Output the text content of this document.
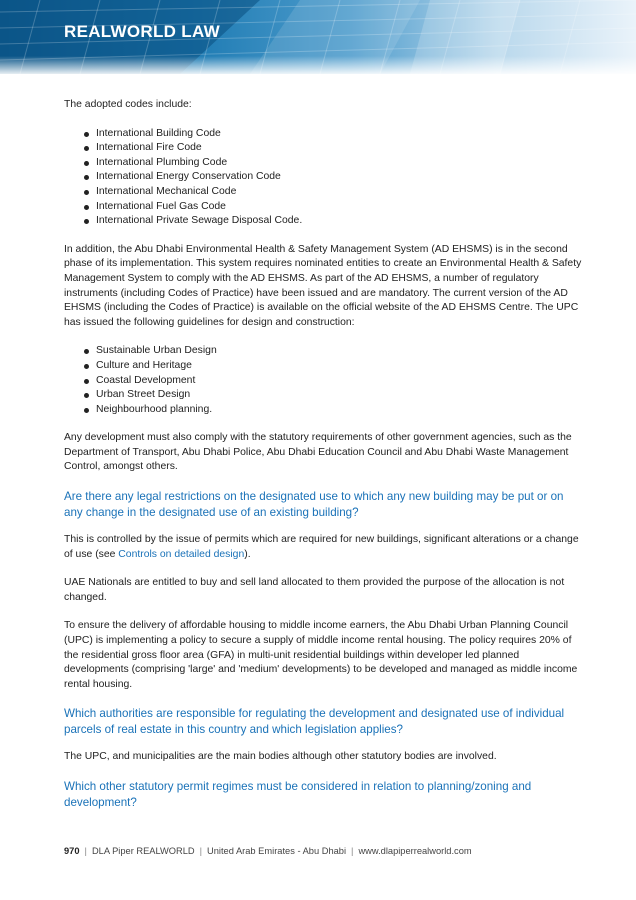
REALWORLD LAW

The adopted codes include:

International Building Code
International Fire Code
International Plumbing Code
International Energy Conservation Code
International Mechanical Code
International Fuel Gas Code
International Private Sewage Disposal Code.

In addition, the Abu Dhabi Environmental Health & Safety Management System (AD EHSMS) is in the second phase of its implementation. This system requires nominated entities to create an Environmental Health & Safety Management System to comply with the AD EHSMS. As part of the AD EHSMS, a number of regulatory instruments (including Codes of Practice) have been issued and are mandatory. The current version of the AD EHSMS (including the Codes of Practice) is available on the official website of the AD EHSMS Centre. The UPC has issued the following guidelines for design and construction:

Sustainable Urban Design
Culture and Heritage
Coastal Development
Urban Street Design
Neighbourhood planning.

Any development must also comply with the statutory requirements of other government agencies, such as the Department of Transport, Abu Dhabi Police, Abu Dhabi Education Council and Abu Dhabi Waste Management Control, amongst others.

Are there any legal restrictions on the designated use to which any new building may be put or on any change in the designated use of an existing building?

This is controlled by the issue of permits which are required for new buildings, significant alterations or a change of use (see Controls on detailed design).

UAE Nationals are entitled to buy and sell land allocated to them provided the purpose of the allocation is not changed.

To ensure the delivery of affordable housing to middle income earners, the Abu Dhabi Urban Planning Council (UPC) is implementing a policy to secure a supply of middle income rental housing. The policy requires 20% of the residential gross floor area (GFA) in multi-unit residential buildings within developer led planned developments (comprising 'large' and 'medium' developments) to be developed and managed as middle income rental housing.

Which authorities are responsible for regulating the development and designated use of individual parcels of real estate in this country and which legislation applies?

The UPC, and municipalities are the main bodies although other statutory bodies are involved.

Which other statutory permit regimes must be considered in relation to planning/zoning and development?
970 | DLA Piper REALWORLD | United Arab Emirates - Abu Dhabi | www.dlapiperrealworld.com
